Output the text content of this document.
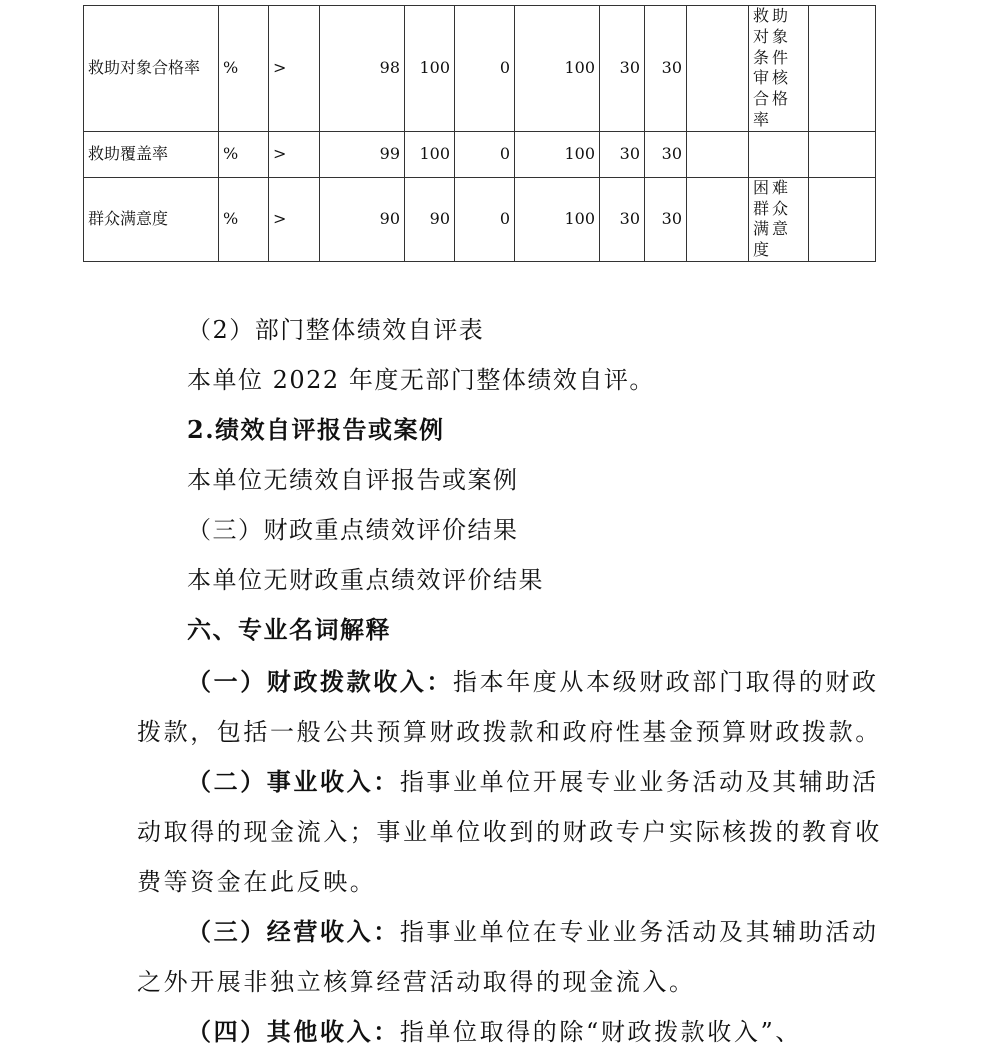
救助对象合格率	%	>	98	100	0	100	30	30		救助对象条件审核合格率	
救助覆盖率	%	>	99	100	0	100	30	30			
群众满意度	%	>	90	90	0	100	30	30		困难群众满意度	
（2）部门整体绩效自评表
本单位 2022 年度无部门整体绩效自评。
2.绩效自评报告或案例
本单位无绩效自评报告或案例
（三）财政重点绩效评价结果
本单位无财政重点绩效评价结果
六、专业名词解释
（一）财政拨款收入：指本年度从本级财政部门取得的财政拨款，包括一般公共预算财政拨款和政府性基金预算财政拨款。
（二）事业收入：指事业单位开展专业业务活动及其辅助活动取得的现金流入；事业单位收到的财政专户实际核拨的教育收费等资金在此反映。
（三）经营收入：指事业单位在专业业务活动及其辅助活动之外开展非独立核算经营活动取得的现金流入。
（四）其他收入：指单位取得的除“财政拨款收入”、
